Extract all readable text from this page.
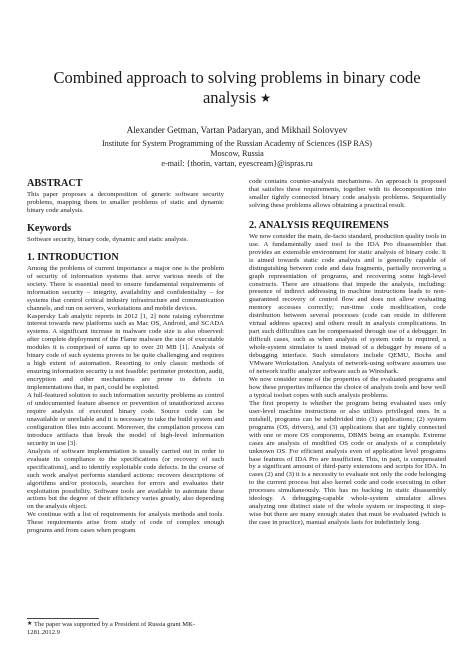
Combined approach to solving problems in binary code analysis ★
Alexander Getman, Vartan Padaryan, and Mikhail Solovyev
Institute for System Programming of the Russian Academy of Sciences (ISP RAS)
Moscow, Russia
e-mail: {thorin, vartan, eyescream}@ispras.ru
ABSTRACT

This paper proposes a decomposition of generic software security problems, mapping them to smaller problems of static and dynamic binary code analysis.

Keywords

Software security, binary code, dynamic and static analysis.

1. INTRODUCTION

Among the problems of current importance a major one is the problem of security of information systems that serve various needs of the society. There is essential need to ensure fundamental requirements of information security – integrity, availability and confidentiality – for systems that control critical industry infrastructure and communication channels, and run on servers, workstations and mobile devices.

Kaspersky Lab analytic reports in 2012 [1, 2] note raising cybercrime interest towards new platforms such as Mac OS, Android, and SCADA systems. A significant increase in malware code size is also observed: after complete deployment of the Flame malware the size of executable modules it is comprised of sums up to over 20 MB [1]. Analysis of binary code of such systems proves to be quite challenging and requires a high extent of automation. Resorting to only classic methods of ensuring information security is not feasible: perimeter protection, audit, encryption and other mechanisms are prone to defects in implementations that, in part, could be exploited.

A full-featured solution to such information security problems as control of undocumented feature absence or prevention of unauthorized access require analysis of executed binary code. Source code can be unavailable or unreliable and it is necessary to take the build system and configuration files into account. Moreover, the compilation process can introduce artifacts that break the model of high-level information security in use [3].

Analysis of software implementation is usually carried out in order to evaluate its compliance to the specifications (or recovery of such specifications), and to identify exploitable code defects. In the course of such work analyst performs standard actions: recovers descriptions of algorithms and/or protocols, searches for errors and evaluates their exploitation possibility. Software tools are available to automate these actions but the degree of their efficiency varies greatly, also depending on the analysis object.

We continue with a list of requirements for analysis methods and tools. These requirements arise from study of code of complex enough programs and from cases when program

code contains counter-analysis mechanisms. An approach is proposed that satisfies these requirements, together with its decomposition into smaller tightly connected binary code analysis problems. Sequentially solving these problems allows obtaining a practical result.

2. ANALYSIS REQUIREMENS

We now consider the main, de-facto standard, production quality tools in use. A fundamentally used tool is the IDA Pro disassembler that provides an extensible environment for static analysis of binary code. It is aimed towards static code analysis and is generally capable of distinguishing between code and data fragments, partially recovering a graph representation of programs, and recovering some high-level constructs. There are situations that impede the analysis, including: presence of indirect addressing in machine instructions leads to non-guaranteed recovery of control flow and does not allow evaluating memory accesses correctly; run-time code modification, code distribution between several processes (code can reside in different virtual address spaces) and others result in analysis complications. In part such difficulties can be compensated through use of a debugger. In difficult cases, such as when analysis of system code is required, a whole-system simulator is used instead of a debugger by means of a debugging interface. Such simulators include QEMU, Bochs and VMware Workstation. Analysis of network-using software assumes use of network traffic analyzer software such as Wireshark.

We now consider some of the properties of the evaluated programs and how these properties influence the choice of analysis tools and how well a typical toolset copes with such analysis problems.

The first property is whether the program being evaluated uses only user-level machine instructions or also utilizes privileged ones. In a nutshell, programs can be subdivided into (1) applications; (2) system programs (OS, drivers), and (3) applications that are tightly connected with one or more OS components, DBMS being an example. Extreme cases are analysis of modified OS code or analysis of a completely unknown OS. For efficient analysis even of application level programs base features of IDA Pro are insufficient. This, in part, is compensated by a significant amount of third-party extensions and scripts for IDA. In cases (2) and (3) it is a necessity to evaluate not only the code belonging to the current process but also kernel code and code executing in other processes simultaneously. This has no backing in static disassembly ideology. A debugging-capable whole-system simulator allows analyzing one distinct state of the whole system or inspecting it step-wise but there are many enough states that must be evaluated (which is the case in practice), manual analysis lasts for indefinitely long.

★ The paper was supported by a President of Russia grant MK-1281.2012.9
